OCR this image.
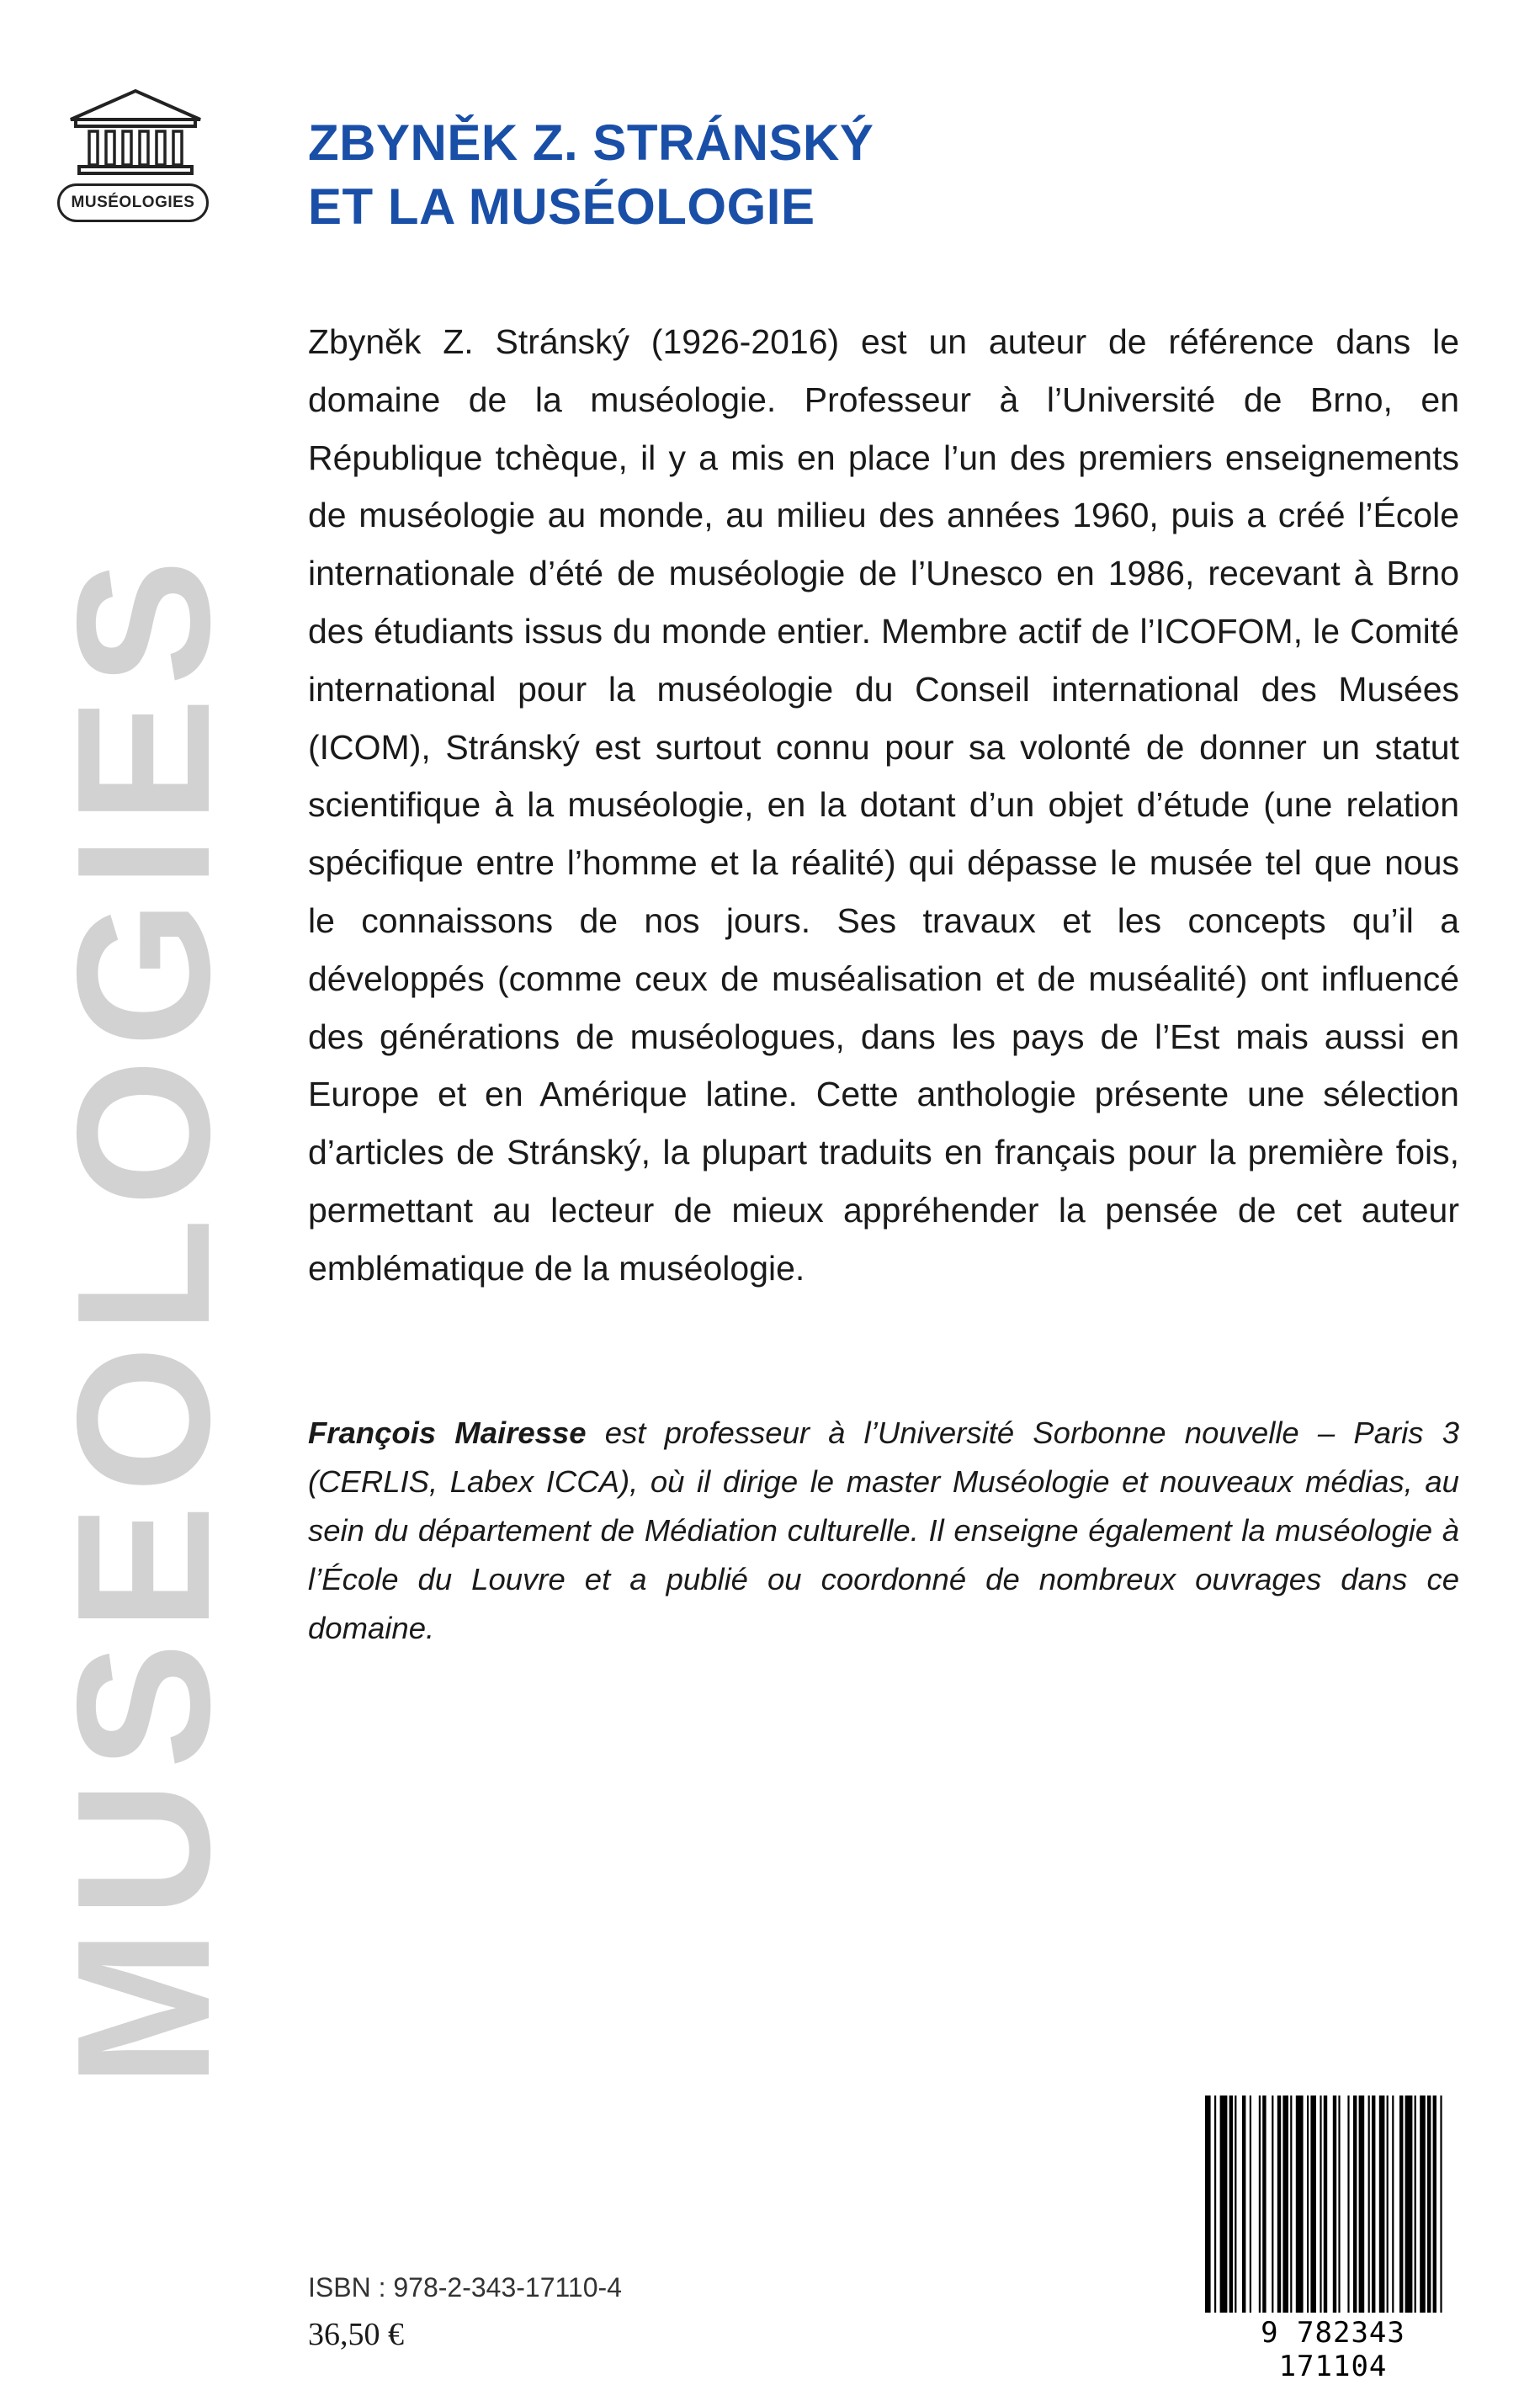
MUSÉOLOGIES
MUSEOLOGIES
ZBYNĚK Z. STRÁNSKÝ
ET LA MUSÉOLOGIE

Zbyněk Z. Stránský (1926-2016) est un auteur de référence dans le domaine de la muséologie. Professeur à l’Université de Brno, en République tchèque, il y a mis en place l’un des premiers enseignements de muséologie au monde, au milieu des années 1960, puis a créé l’École internationale d’été de muséologie de l’Unesco en 1986, recevant à Brno des étudiants issus du monde entier. Membre actif de l’ICOFOM, le Comité international pour la muséologie du Conseil international des Musées (ICOM), Stránský est surtout connu pour sa volonté de donner un statut scientifique à la muséologie, en la dotant d’un objet d’étude (une relation spécifique entre l’homme et la réalité) qui dépasse le musée tel que nous le connaissons de nos jours. Ses travaux et les concepts qu’il a développés (comme ceux de muséalisation et de muséalité) ont influencé des générations de muséologues, dans les pays de l’Est mais aussi en Europe et en Amérique latine. Cette anthologie présente une sélection d’articles de Stránský, la plupart traduits en français pour la première fois, permettant au lecteur de mieux appréhender la pensée de cet auteur emblématique de la muséologie.

François Mairesse est professeur à l’Université Sorbonne nouvelle – Paris 3 (CERLIS, Labex ICCA), où il dirige le master Muséologie et nouveaux médias, au sein du département de Médiation culturelle. Il enseigne également la muséologie à l’École du Louvre et a publié ou coordonné de nombreux ouvrages dans ce domaine.

ISBN : 978-2-343-17110-4
36,50 €	9 782343 171104
